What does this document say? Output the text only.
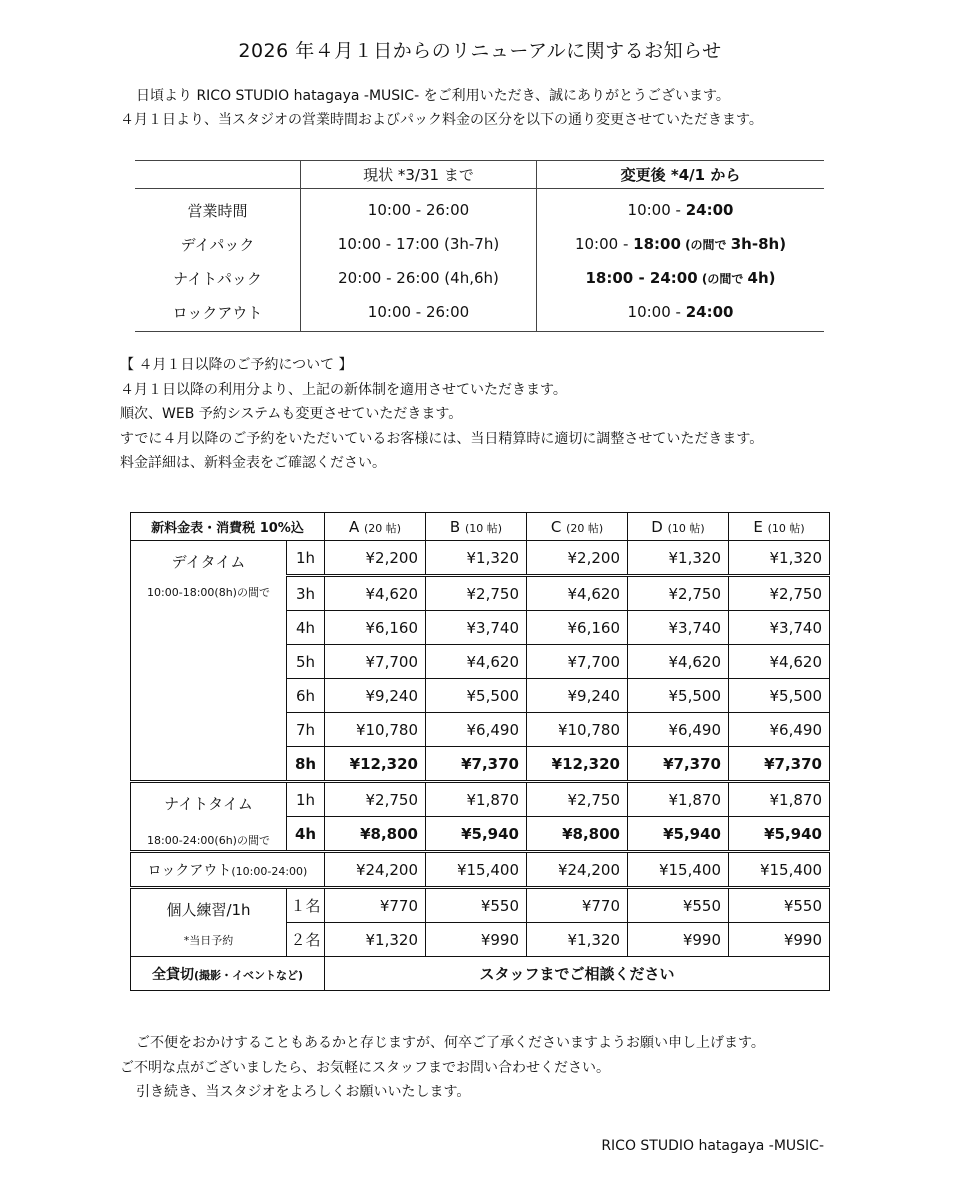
2026 年４月１日からのリニューアルに関するお知らせ
日頃より RICO STUDIO hatagaya -MUSIC- をご利用いただき、誠にありがとうございます。
４月１日より、当スタジオの営業時間およびパック料金の区分を以下の通り変更させていただきます。
	現状 *3/31 まで	変更後 *4/1 から
営業時間	10:00 - 26:00	10:00 - 24:00
デイパック	10:00 - 17:00 (3h-7h)	10:00 - 18:00 (の間で 3h-8h)
ナイトパック	20:00 - 26:00 (4h,6h)	18:00 - 24:00 (の間で 4h)
ロックアウト	10:00 - 26:00	10:00 - 24:00
【 ４月１日以降のご予約について 】
４月１日以降の利用分より、上記の新体制を適用させていただきます。
順次、WEB 予約システムも変更させていただきます。
すでに４月以降のご予約をいただいているお客様には、当日精算時に適切に調整させていただきます。
料金詳細は、新料金表をご確認ください。
新料金表・消費税 10%込		A (20 帖)	B (10 帖)	C (20 帖)	D (10 帖)	E (10 帖)

デイタイム
10:00-18:00(8h)の間で	1h	¥2,200	¥1,320	¥2,200	¥1,320	¥1,320
	3h	¥4,620	¥2,750	¥4,620	¥2,750	¥2,750
	4h	¥6,160	¥3,740	¥6,160	¥3,740	¥3,740
	5h	¥7,700	¥4,620	¥7,700	¥4,620	¥4,620
	6h	¥9,240	¥5,500	¥9,240	¥5,500	¥5,500
	7h	¥10,780	¥6,490	¥10,780	¥6,490	¥6,490
	8h	¥12,320	¥7,370	¥12,320	¥7,370	¥7,370

ナイトタイム
18:00-24:00(6h)の間で	1h	¥2,750	¥1,870	¥2,750	¥1,870	¥1,870
	4h	¥8,800	¥5,940	¥8,800	¥5,940	¥5,940
ロックアウト(10:00-24:00)		¥24,200	¥15,400	¥24,200	¥15,400	¥15,400

個人練習/1h
*当日予約	１名	¥770	¥550	¥770	¥550	¥550
	２名	¥1,320	¥990	¥1,320	¥990	¥990
全貸切(撮影・イベントなど)		スタッフまでご相談ください				
ご不便をおかけすることもあるかと存じますが、何卒ご了承くださいますようお願い申し上げます。
ご不明な点がございましたら、お気軽にスタッフまでお問い合わせください。
引き続き、当スタジオをよろしくお願いいたします。
RICO STUDIO hatagaya -MUSIC-
